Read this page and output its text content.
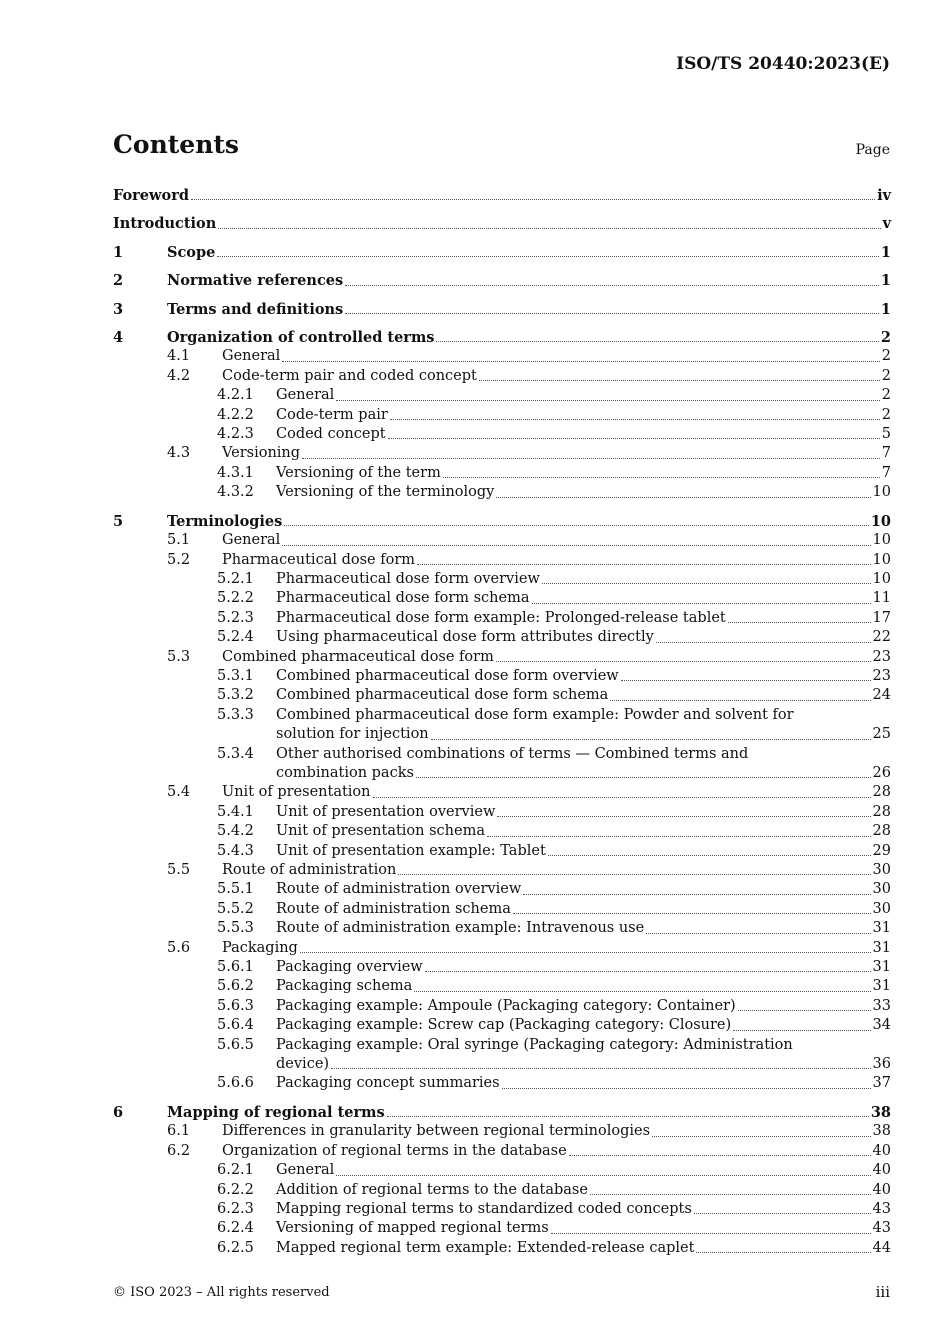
ISO/TS 20440:2023(E)
Contents	Page
Foreword	iv
Introduction	v
1	Scope	1
2	Normative references	1
3	Terms and definitions	1
4	Organization of controlled terms	2
4.1 General	2
4.2 Code-term pair and coded concept	2
4.2.1 General	2
4.2.2 Code-term pair	2
4.2.3 Coded concept	5
4.3 Versioning	7
4.3.1 Versioning of the term	7
4.3.2 Versioning of the terminology	10
5	Terminologies	10
5.1 General	10
5.2 Pharmaceutical dose form	10
5.2.1 Pharmaceutical dose form overview	10
5.2.2 Pharmaceutical dose form schema	11
5.2.3 Pharmaceutical dose form example: Prolonged-release tablet	17
5.2.4 Using pharmaceutical dose form attributes directly	22
5.3 Combined pharmaceutical dose form	23
5.3.1 Combined pharmaceutical dose form overview	23
5.3.2 Combined pharmaceutical dose form schema	24
5.3.3 Combined pharmaceutical dose form example: Powder and solvent for
solution for injection	25
5.3.4 Other authorised combinations of terms — Combined terms and
combination packs	26
5.4 Unit of presentation	28
5.4.1 Unit of presentation overview	28
5.4.2 Unit of presentation schema	28
5.4.3 Unit of presentation example: Tablet	29
5.5 Route of administration	30
5.5.1 Route of administration overview	30
5.5.2 Route of administration schema	30
5.5.3 Route of administration example: Intravenous use	31
5.6 Packaging	31
5.6.1 Packaging overview	31
5.6.2 Packaging schema	31
5.6.3 Packaging example: Ampoule (Packaging category: Container)	33
5.6.4 Packaging example: Screw cap (Packaging category: Closure)	34
5.6.5 Packaging example: Oral syringe (Packaging category: Administration
device)	36
5.6.6 Packaging concept summaries	37
6	Mapping of regional terms	38
6.1 Differences in granularity between regional terminologies	38
6.2 Organization of regional terms in the database	40
6.2.1 General	40
6.2.2 Addition of regional terms to the database	40
6.2.3 Mapping regional terms to standardized coded concepts	43
6.2.4 Versioning of mapped regional terms	43
6.2.5 Mapped regional term example: Extended-release caplet	44
© ISO 2023 – All rights reserved	iii
